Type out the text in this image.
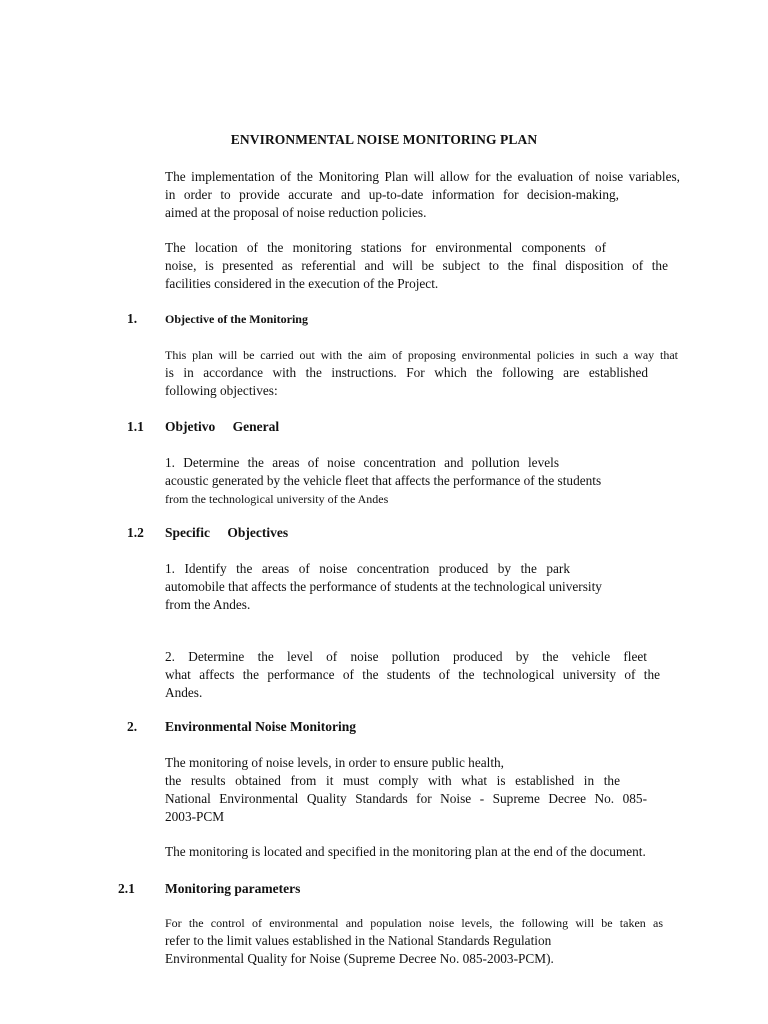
ENVIRONMENTAL NOISE MONITORING PLAN
The implementation of the Monitoring Plan will allow for the evaluation of noise variables,
in order to provide accurate and up-to-date information for decision-making,
aimed at the proposal of noise reduction policies.
The location of the monitoring stations for environmental components of
noise, is presented as referential and will be subject to the final disposition of the
facilities considered in the execution of the Project.
1. Objective of the Monitoring
This plan will be carried out with the aim of proposing environmental policies in such a way that
is in accordance with the instructions. For which the following are established
following objectives:
1.1 Objetivo General
1. Determine the areas of noise concentration and pollution levels
acoustic generated by the vehicle fleet that affects the performance of the students
from the technological university of the Andes
1.2 Specific Objectives
1. Identify the areas of noise concentration produced by the park
automobile that affects the performance of students at the technological university
from the Andes.
2. Determine the level of noise pollution produced by the vehicle fleet
what affects the performance of the students of the technological university of the
Andes.
2. Environmental Noise Monitoring
The monitoring of noise levels, in order to ensure public health,
the results obtained from it must comply with what is established in the
National Environmental Quality Standards for Noise - Supreme Decree No. 085-
2003-PCM
The monitoring is located and specified in the monitoring plan at the end of the document.
2.1 Monitoring parameters
For the control of environmental and population noise levels, the following will be taken as
refer to the limit values established in the National Standards Regulation
Environmental Quality for Noise (Supreme Decree No. 085-2003-PCM).
